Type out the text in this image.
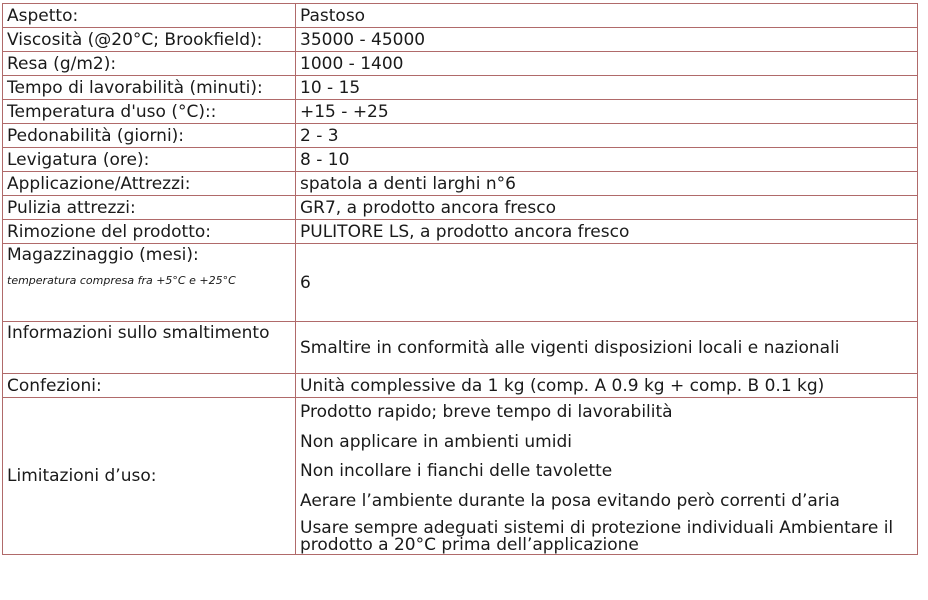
Aspetto:	Pastoso
Viscosità (@20°C; Brookfield):	35000 - 45000
Resa (g/m2):	1000 - 1400
Tempo di lavorabilità (minuti):	10 - 15
Temperatura d'uso (°C)::	+15 - +25
Pedonabilità (giorni):	2 - 3
Levigatura (ore):	8 - 10
Applicazione/Attrezzi:	spatola a denti larghi n°6
Pulizia attrezzi:	GR7, a prodotto ancora fresco
Rimozione del prodotto:	PULITORE LS, a prodotto ancora fresco
Magazzinaggio (mesi):
temperatura compresa fra +5°C e +25°C	6
Informazioni sullo smaltimento	Smaltire in conformità alle vigenti disposizioni locali e nazionali
Confezioni:	Unità complessive da 1 kg (comp. A 0.9 kg + comp. B 0.1 kg)
Limitazioni d’uso:	Prodotto rapido; breve tempo di lavorabilità
Non applicare in ambienti umidi
Non incollare i fianchi delle tavolette
Aerare l’ambiente durante la posa evitando però correnti d’aria
Usare sempre adeguati sistemi di protezione individuali Ambientare il prodotto a 20°C prima dell’applicazione
